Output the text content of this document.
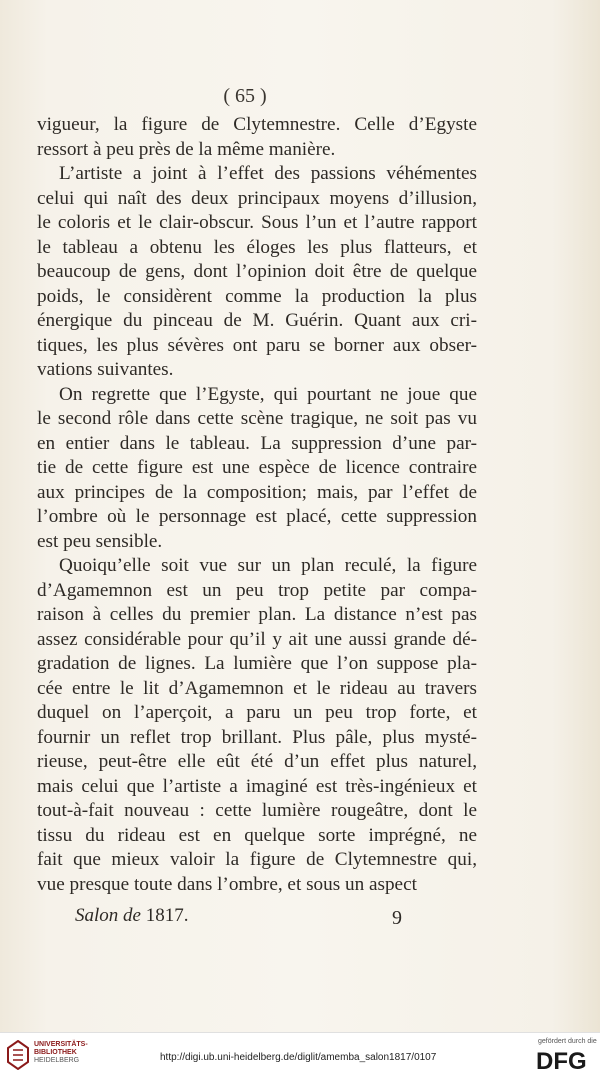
( 65 )
vigueur, la figure de Clytemnestre. Celle d’Egyste
ressort à peu près de la même manière.
L’artiste a joint à l’effet des passions véhémentes
celui qui naît des deux principaux moyens d’illusion,
le coloris et le clair-obscur. Sous l’un et l’autre rapport
le tableau a obtenu les éloges les plus flatteurs, et
beaucoup de gens, dont l’opinion doit être de quelque
poids, le considèrent comme la production la plus
énergique du pinceau de M. Guérin. Quant aux cri-
tiques, les plus sévères ont paru se borner aux obser-
vations suivantes.
On regrette que l’Egyste, qui pourtant ne joue que
le second rôle dans cette scène tragique, ne soit pas vu
en entier dans le tableau. La suppression d’une par-
tie de cette figure est une espèce de licence contraire
aux principes de la composition; mais, par l’effet de
l’ombre où le personnage est placé, cette suppression
est peu sensible.
Quoiqu’elle soit vue sur un plan reculé, la figure
d’Agamemnon est un peu trop petite par compa-
raison à celles du premier plan. La distance n’est pas
assez considérable pour qu’il y ait une aussi grande dé-
gradation de lignes. La lumière que l’on suppose pla-
cée entre le lit d’Agamemnon et le rideau au travers
duquel on l’aperçoit, a paru un peu trop forte, et
fournir un reflet trop brillant. Plus pâle, plus mysté-
rieuse, peut-être elle eût été d’un effet plus naturel,
mais celui que l’artiste a imaginé est très-ingénieux et
tout-à-fait nouveau : cette lumière rougeâtre, dont le
tissu du rideau est en quelque sorte imprégné, ne
fait que mieux valoir la figure de Clytemnestre qui,
vue presque toute dans l’ombre, et sous un aspect
Salon de 1817.	9
UNIVERSITÄTS-
BIBLIOTHEK
HEIDELBERG	http://digi.ub.uni-heidelberg.de/diglit/amemba_salon1817/0107
gefördert durch die
DFG
